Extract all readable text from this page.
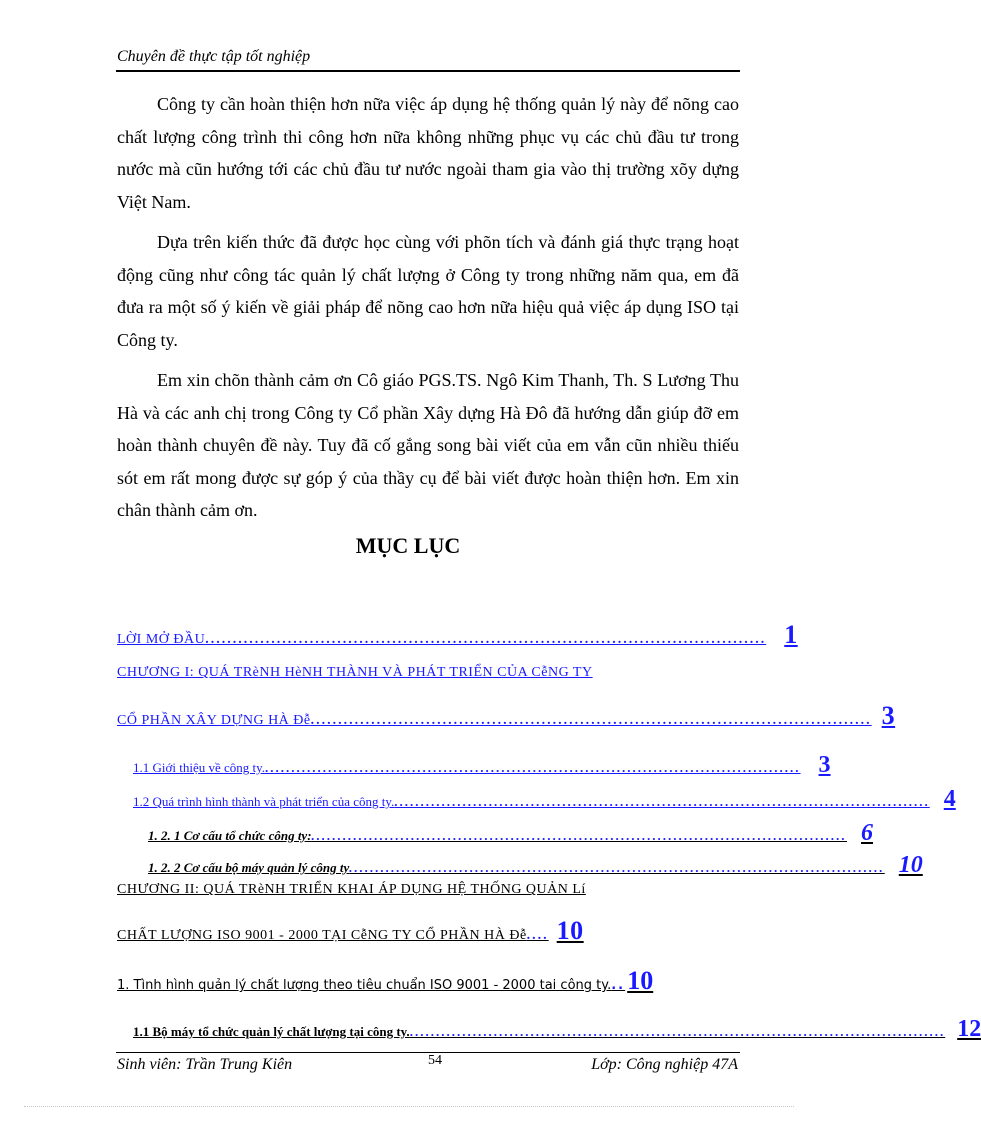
Chuyên đề thực tập tốt nghiệp

Công ty cần hoàn thiện hơn nữa việc áp dụng hệ thống quản lý này để nõng cao chất lượng công trình thi công hơn nữa không những phục vụ các chủ đầu tư trong nước mà cũn hướng tới các chủ đầu tư nước ngoài tham gia vào thị trường xõy dựng Việt Nam.

Dựa trên kiến thức đã được học cùng với phõn tích và đánh giá thực trạng hoạt động cũng như công tác quản lý chất lượng ở Công ty trong những năm qua, em đã đưa ra một số ý kiến về giải pháp để nõng cao hơn nữa hiệu quả việc áp dụng ISO tại Công ty.

Em xin chõn thành cảm ơn Cô giáo PGS.TS. Ngô Kim Thanh, Th. S Lương Thu Hà và các anh chị trong Công ty Cổ phần Xây dựng Hà Đô đã hướng dẫn giúp đỡ em hoàn thành chuyên đề này. Tuy đã cố gắng song bài viết của em vẫn cũn nhiều thiếu sót em rất mong được sự góp ý của thầy cụ để bài viết được hoàn thiện hơn. Em xin chân thành cảm ơn.

MỤC LỤC
LỜI MỞ ĐẦU ...................................................................................................... 1
CHƯƠNG I: QUÁ TRèNH HèNH THÀNH VÀ PHÁT TRIỂN CỦA CễNG TY
CỔ PHẦN XÂY DỰNG HÀ Đễ ...................................................................................................... 3
1.1 Giới thiệu về công ty. ...................................................................................................... 3
1.2 Quá trình hình thành và phát triển của công ty. ...................................................................................................... 4
1. 2. 1 Cơ cấu tổ chức công ty: ...................................................................................................... 6
1. 2. 2 Cơ cấu bộ máy quản lý công ty ...................................................................................................... 10
CHƯƠNG II: QUÁ TRèNH TRIỂN KHAI ÁP DỤNG HỆ THỐNG QUẢN Lí
CHẤT LƯỢNG ISO 9001 - 2000 TẠI CễNG TY CỔ PHẦN HÀ Đễ .... 10
1. Tình hình quản lý chất lượng theo tiêu chuẩn ISO 9001 - 2000 tai công ty. .. 10
1.1 Bộ máy tổ chức quản lý chất lượng tại công ty. ...................................................................................................... 12
Sinh viên: Trần Trung Kiên	54	Lớp: Công nghiệp 47A
